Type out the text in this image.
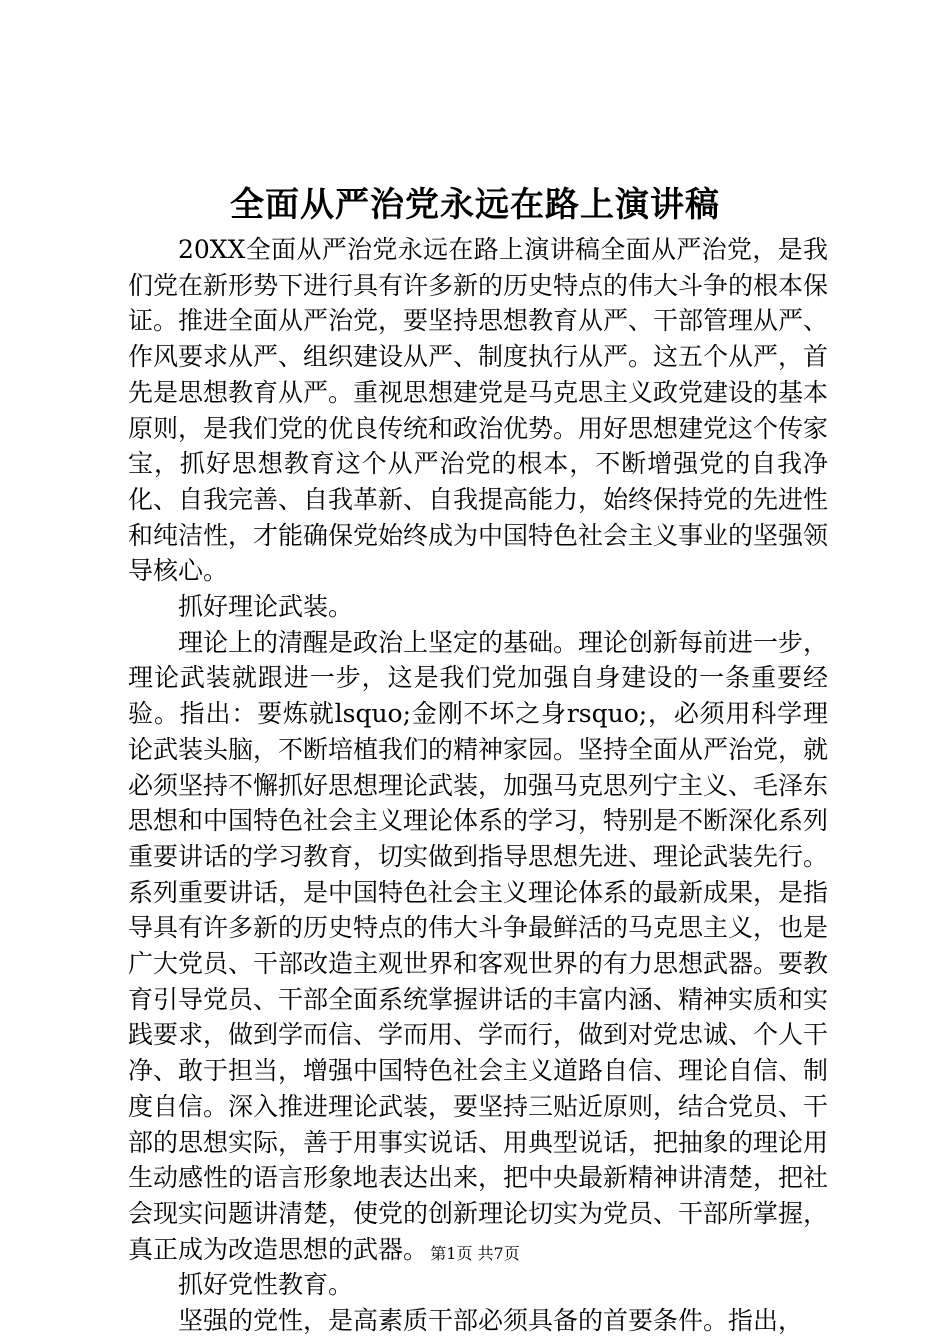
全面从严治党永远在路上演讲稿

20XX全面从严治党永远在路上演讲稿全面从严治党，是我们党在新形势下进行具有许多新的历史特点的伟大斗争的根本保证。推进全面从严治党，要坚持思想教育从严、干部管理从严、作风要求从严、组织建设从严、制度执行从严。这五个从严，首先是思想教育从严。重视思想建党是马克思主义政党建设的基本原则，是我们党的优良传统和政治优势。用好思想建党这个传家宝，抓好思想教育这个从严治党的根本，不断增强党的自我净化、自我完善、自我革新、自我提高能力，始终保持党的先进性和纯洁性，才能确保党始终成为中国特色社会主义事业的坚强领导核心。

抓好理论武装。

理论上的清醒是政治上坚定的基础。理论创新每前进一步，理论武装就跟进一步，这是我们党加强自身建设的一条重要经验。指出：要炼就lsquo;金刚不坏之身rsquo;，必须用科学理论武装头脑，不断培植我们的精神家园。坚持全面从严治党，就必须坚持不懈抓好思想理论武装，加强马克思列宁主义、毛泽东思想和中国特色社会主义理论体系的学习，特别是不断深化系列重要讲话的学习教育，切实做到指导思想先进、理论武装先行。系列重要讲话，是中国特色社会主义理论体系的最新成果，是指导具有许多新的历史特点的伟大斗争最鲜活的马克思主义，也是广大党员、干部改造主观世界和客观世界的有力思想武器。要教育引导党员、干部全面系统掌握讲话的丰富内涵、精神实质和实践要求，做到学而信、学而用、学而行，做到对党忠诚、个人干净、敢于担当，增强中国特色社会主义道路自信、理论自信、制度自信。深入推进理论武装，要坚持三贴近原则，结合党员、干部的思想实际，善于用事实说话、用典型说话，把抽象的理论用生动感性的语言形象地表达出来，把中央最新精神讲清楚，把社会现实问题讲清楚，使党的创新理论切实为党员、干部所掌握，真正成为改造思想的武器。

抓好党性教育。

坚强的党性，是高素质干部必须具备的首要条件。指出，

第1页 共7页
